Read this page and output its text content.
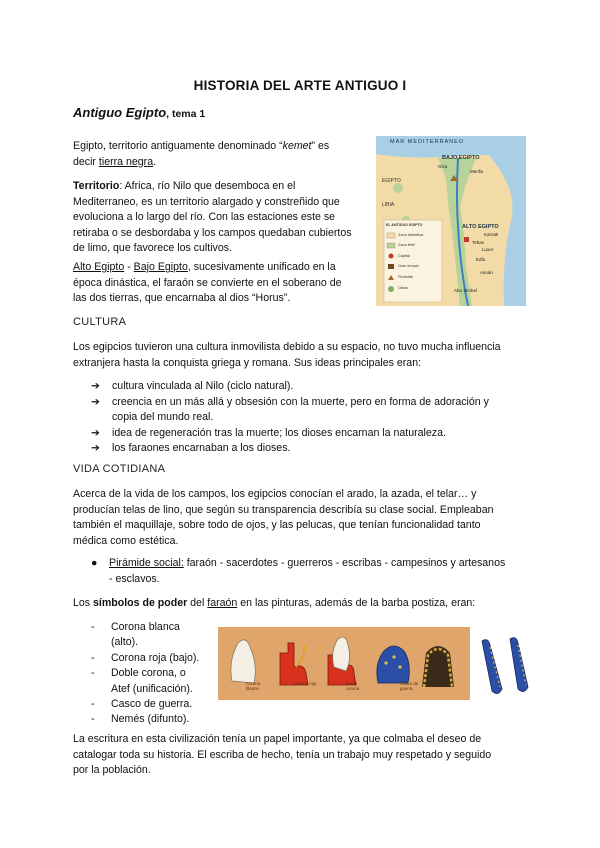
HISTORIA DEL ARTE ANTIGUO I
Antiguo Egipto, tema 1
Egipto, territorio antiguamente denominado “kemet” es
decir tierra negra.
Territorio: Africa, río Nilo que desemboca en el
Mediterraneo, es un territorio alargado y constreñido que
evoluciona a lo largo del río. Con las estaciones este se
retiraba o se desbordaba y los campos quedaban cubiertos
de limo, que favorece los cultivos.
Alto Egipto - Bajo Egipto, sucesivamente unificado en la
época dinástica, el faraón se convierte en el soberano de
las dos tierras, que encarnaba al dios “Horus”.
MAR MEDITERRANEO
BAJO EGIPTO
Giza
Menfis
EGIPTO
LIBIA
ALTO EGIPTO
Karnak
Tebas
Luxor
Edfu
Asuán
Abu Simbel
EL ANTIGUO EGIPTO
Zona desértica
Zona fértil
Capital
Gran templo
Pirámide
Oasis
CULTURA
Los egipcios tuvieron una cultura inmovilista debido a su espacio, no tuvo mucha influencia
extranjera hasta la conquista griega y romana. Sus ideas principales eran:
➔ cultura vinculada al Nilo (ciclo natural).
➔ creencia en un más allá y obsesión con la muerte, pero en forma de adoración y
copia del mundo real.
➔ idea de regeneración tras la muerte; los dioses encarnan la naturaleza.
➔ los faraones encarnaban a los dioses.
VIDA COTIDIANA
Acerca de la vida de los campos, los egipcios conocían el arado, la azada, el telar… y
producían telas de lino, que según su transparencia describía su clase social. Empleaban
también el maquillaje, sobre todo de ojos, y las pelucas, que tenían funcionalidad tanto
médica como estética.
● Pirámide social: faraón - sacerdotes - guerreros - escribas - campesinos y artesanos
- esclavos.
Los símbolos de poder del faraón en las pinturas, además de la barba postiza, eran:
- Corona blanca
(alto).
- Corona roja (bajo).
- Doble corona, o
Atef (unificación).
- Casco de guerra.
- Nemés (difunto).
Corona blanca
Corona roja	Doble corona
Casco de guerra
La escritura en esta civilización tenía un papel importante, ya que colmaba el deseo de
catalogar toda su historia. El escriba de hecho, tenía un trabajo muy respetado y seguido
por la población.
